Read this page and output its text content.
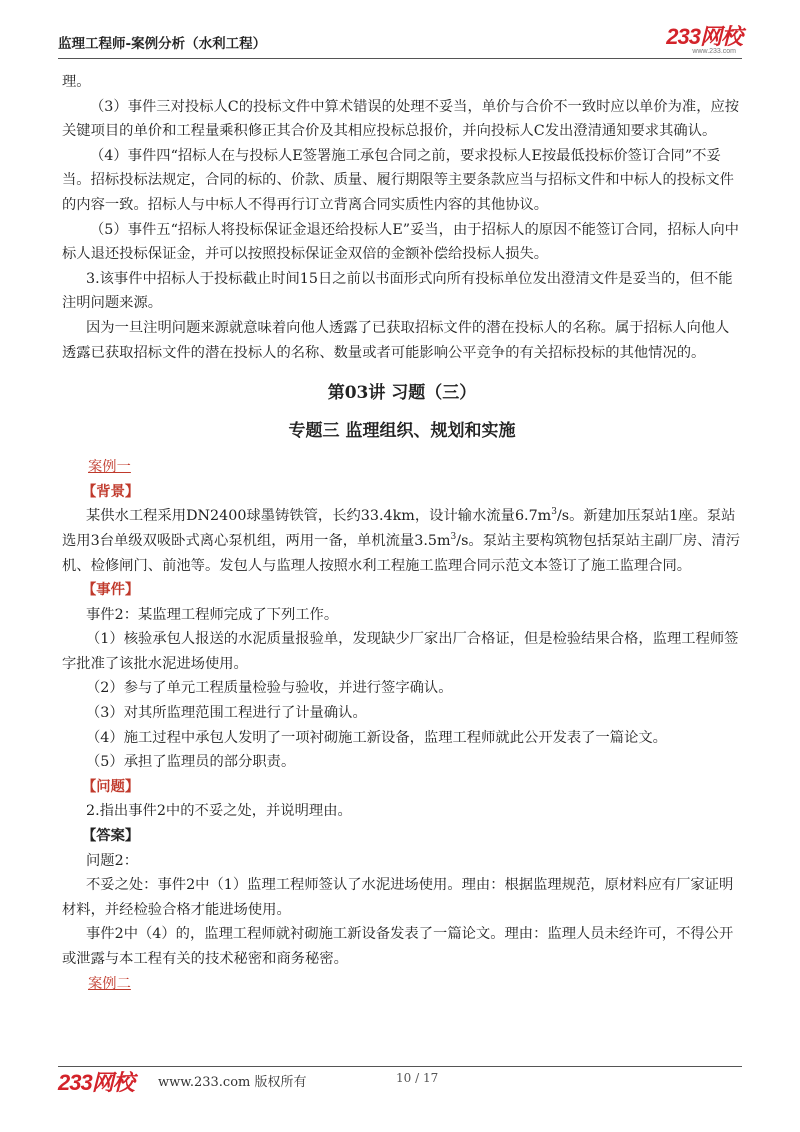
监理工程师-案例分析（水利工程）	233网校
www.233.com

理。

（3）事件三对投标人C的投标文件中算术错误的处理不妥当，单价与合价不一致时应以单价为准，应按关键项目的单价和工程量乘积修正其合价及其相应投标总报价，并向投标人C发出澄清通知要求其确认。

（4）事件四“招标人在与投标人E签署施工承包合同之前，要求投标人E按最低投标价签订合同”不妥当。招标投标法规定，合同的标的、价款、质量、履行期限等主要条款应当与招标文件和中标人的投标文件的内容一致。招标人与中标人不得再行订立背离合同实质性内容的其他协议。

（5）事件五“招标人将投标保证金退还给投标人E”妥当，由于招标人的原因不能签订合同，招标人向中标人退还投标保证金，并可以按照投标保证金双倍的金额补偿给投标人损失。

3.该事件中招标人于投标截止时间15日之前以书面形式向所有投标单位发出澄清文件是妥当的，但不能注明问题来源。

因为一旦注明问题来源就意味着向他人透露了已获取招标文件的潜在投标人的名称。属于招标人向他人透露已获取招标文件的潜在投标人的名称、数量或者可能影响公平竞争的有关招标投标的其他情况的。

第03讲 习题（三）

专题三 监理组织、规划和实施

案例一

【背景】

某供水工程采用DN2400球墨铸铁管，长约33.4km，设计输水流量$6.7m^3/s$。新建加压泵站1座。泵站选用3台单级双吸卧式离心泵机组，两用一备，单机流量$3.5m^3/s$。泵站主要构筑物包括泵站主副厂房、清污机、检修闸门、前池等。发包人与监理人按照水利工程施工监理合同示范文本签订了施工监理合同。

【事件】

事件2：某监理工程师完成了下列工作。

（1）核验承包人报送的水泥质量报验单，发现缺少厂家出厂合格证，但是检验结果合格，监理工程师签字批准了该批水泥进场使用。

（2）参与了单元工程质量检验与验收，并进行签字确认。

（3）对其所监理范围工程进行了计量确认。

（4）施工过程中承包人发明了一项衬砌施工新设备，监理工程师就此公开发表了一篇论文。

（5）承担了监理员的部分职责。

【问题】

2.指出事件2中的不妥之处，并说明理由。

【答案】

问题2：

不妥之处：事件2中（1）监理工程师签认了水泥进场使用。理由：根据监理规范，原材料应有厂家证明材料，并经检验合格才能进场使用。

事件2中（4）的，监理工程师就衬砌施工新设备发表了一篇论文。理由：监理人员未经许可，不得公开或泄露与本工程有关的技术秘密和商务秘密。

案例二

233网校 www.233.com 版权所有	10 / 17
